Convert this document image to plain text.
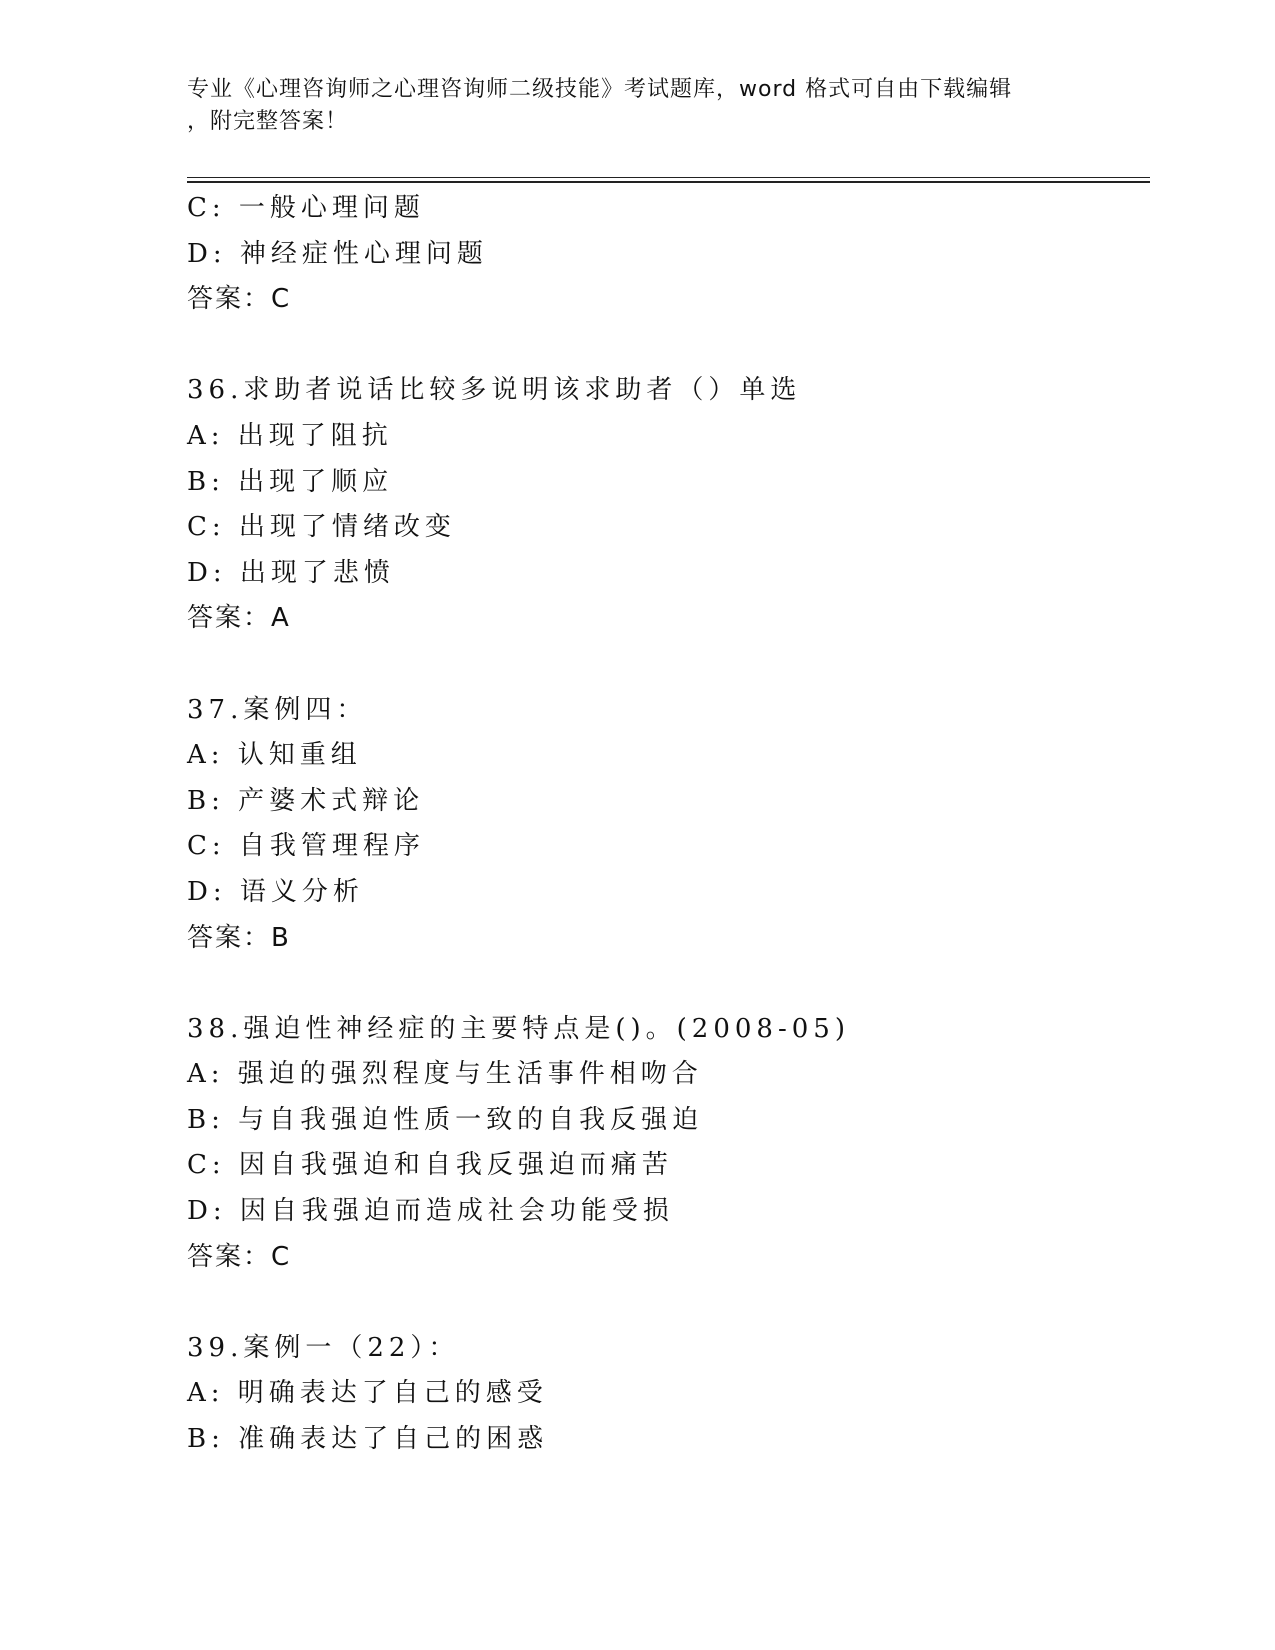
专业《心理咨询师之心理咨询师二级技能》考试题库，word 格式可自由下载编辑
，附完整答案！
C: 一般心理问题
D: 神经症性心理问题
答案：C
36.求助者说话比较多说明该求助者（）单选
A: 出现了阻抗
B: 出现了顺应
C: 出现了情绪改变
D: 出现了悲愤
答案：A
37.案例四：
A: 认知重组
B: 产婆术式辩论
C: 自我管理程序
D: 语义分析
答案：B
38.强迫性神经症的主要特点是()。(2008-05)
A: 强迫的强烈程度与生活事件相吻合
B: 与自我强迫性质一致的自我反强迫
C: 因自我强迫和自我反强迫而痛苦
D: 因自我强迫而造成社会功能受损
答案：C
39.案例一（22）：
A: 明确表达了自己的感受
B: 准确表达了自己的困惑
